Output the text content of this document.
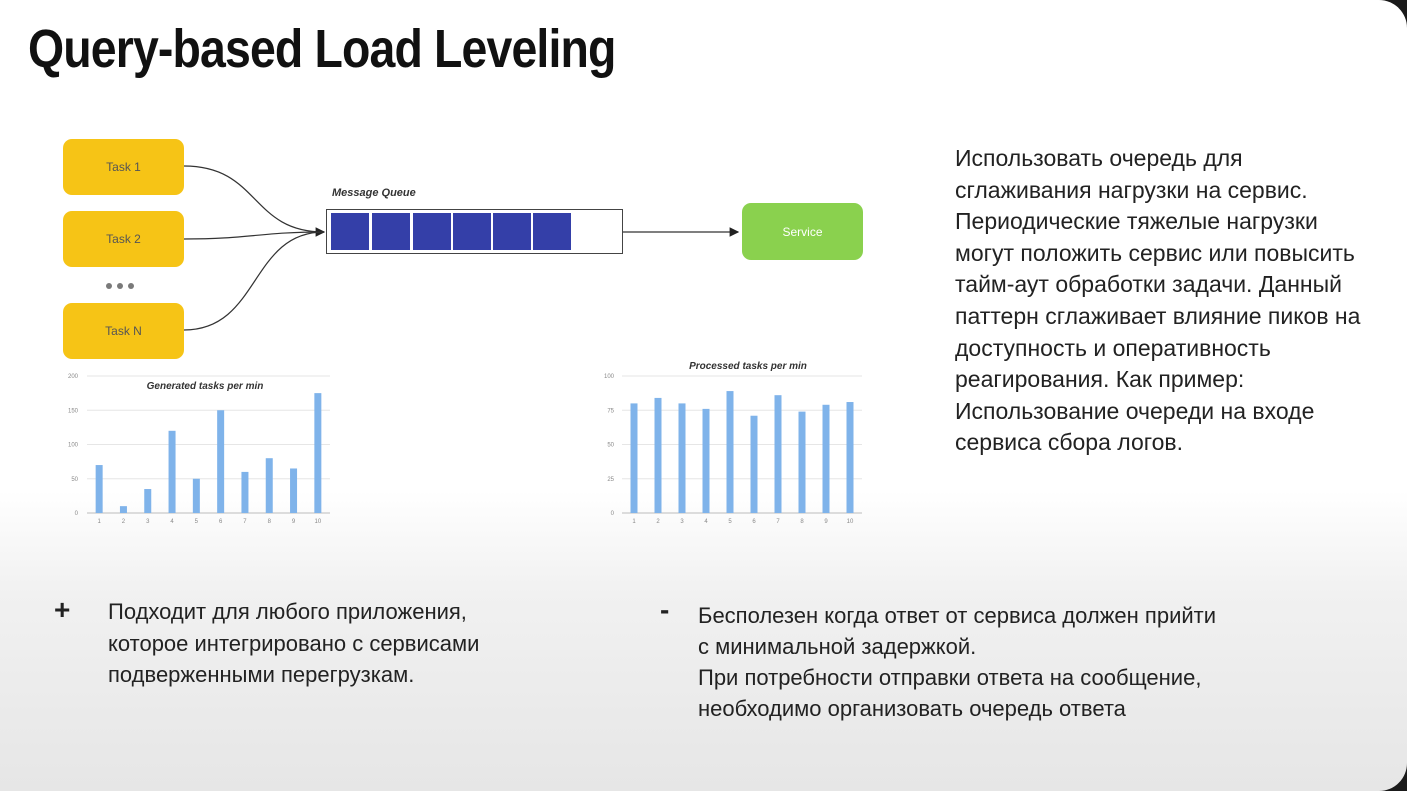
Query-based Load Leveling
Generated tasks per min
0
50
100
150
200
1	2	3	4	5	6	7	8	9	10
Processed tasks per min
0
25
50
75
100
1	2	3	4	5	6	7	8	9	10
Task 1
Task 2
Task N
Message Queue
Service
Использовать очередь для сглаживания нагрузки на сервис. Периодические тяжелые нагрузки могут положить сервис или повысить тайм-аут обработки задачи. Данный паттерн сглаживает влияние пиков на доступность и оперативность реагирования. Как пример: Использование очереди на входе сервиса сбора логов.
+ Подходит для любого приложения, которое интегрировано с сервисами подверженными перегрузкам.
- Бесполезен когда ответ от сервиса должен прийти
с минимальной задержкой.
При потребности отправки ответа на сообщение,
необходимо организовать очередь ответа
